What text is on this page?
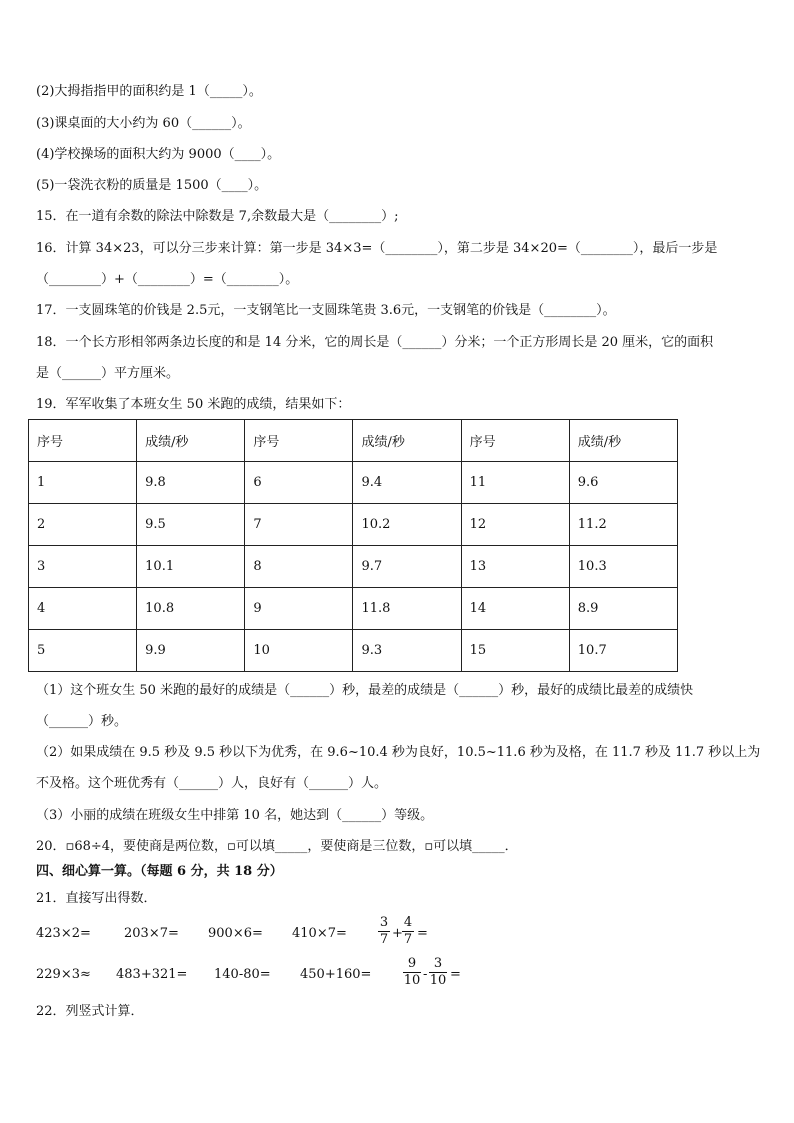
(2)大拇指指甲的面积约是 1（_____）。
(3)课桌面的大小约为 60（______）。
(4)学校操场的面积大约为 9000（____）。
(5)一袋洗衣粉的质量是 1500（____）。
15．在一道有余数的除法中除数是 7,余数最大是（________）;
16．计算 34×23，可以分三步来计算：第一步是 34×3=（________），第二步是 34×20=（________），最后一步是
（________）+（________）=（________）。
17．一支圆珠笔的价钱是 2.5元，一支钢笔比一支圆珠笔贵 3.6元，一支钢笔的价钱是（________）。
18．一个长方形相邻两条边长度的和是 14 分米，它的周长是（______）分米；一个正方形周长是 20 厘米，它的面积
是（______）平方厘米。
19．军军收集了本班女生 50 米跑的成绩，结果如下：
序号	成绩/秒	序号	成绩/秒	序号	成绩/秒
1	9.8	6	9.4	11	9.6
2	9.5	7	10.2	12	11.2
3	10.1	8	9.7	13	10.3
4	10.8	9	11.8	14	8.9
5	9.9	10	9.3	15	10.7
（1）这个班女生 50 米跑的最好的成绩是（______）秒，最差的成绩是（______）秒，最好的成绩比最差的成绩快
（______）秒。
（2）如果成绩在 9.5 秒及 9.5 秒以下为优秀，在 9.6~10.4 秒为良好，10.5~11.6 秒为及格，在 11.7 秒及 11.7 秒以上为
不及格。这个班优秀有（______）人，良好有（______）人。
（3）小丽的成绩在班级女生中排第 10 名，她达到（______）等级。
20．▫68÷4，要使商是两位数，▫可以填_____，要使商是三位数，▫可以填_____．
四、细心算一算。（每题 6 分，共 18 分）
21．直接写出得数．
423×2=	203×7= 900×6= 410×7=
3
7 +
4
7 =
229×3≈ 483+321= 140-80= 450+160=
9
10 -
3
10 =
22．列竖式计算．
